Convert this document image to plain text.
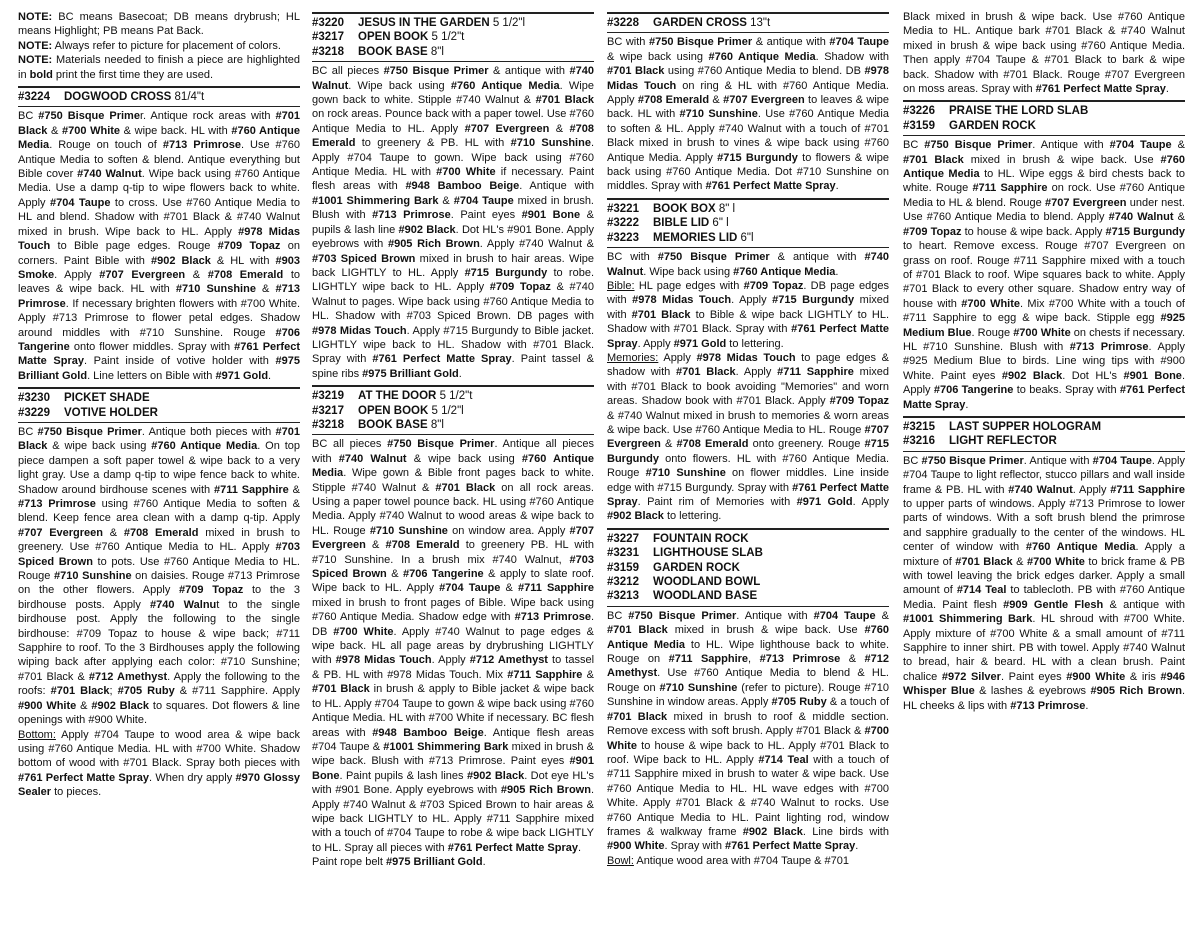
NOTE: BC means Basecoat; DB means drybrush; HL means Highlight; PB means Pat Back.

NOTE: Always refer to picture for placement of colors.

NOTE: Materials needed to finish a piece are highlighted in bold print the first time they are used.

#3224 DOGWOOD CROSS 81/4"t

BC #750 Bisque Primer. Antique rock areas with #701 Black & #700 White & wipe back. HL with #760 Antique Media. Rouge on touch of #713 Primrose. Use #760 Antique Media to soften & blend. Antique everything but Bible cover #740 Walnut. Wipe back using #760 Antique Media. Use a damp q-tip to wipe flowers back to white. Apply #704 Taupe to cross. Use #760 Antique Media to HL and blend. Shadow with #701 Black & #740 Walnut mixed in brush. Wipe back to HL. Apply #978 Midas Touch to Bible page edges. Rouge #709 Topaz on corners. Paint Bible with #902 Black & HL with #903 Smoke. Apply #707 Evergreen & #708 Emerald to leaves & wipe back. HL with #710 Sunshine & #713 Primrose. If necessary brighten flowers with #700 White. Apply #713 Primrose to flower petal edges. Shadow around middles with #710 Sunshine. Rouge #706 Tangerine onto flower middles. Spray with #761 Perfect Matte Spray. Paint inside of votive holder with #975 Brilliant Gold. Line letters on Bible with #971 Gold.

#3230 PICKET SHADE
#3229 VOTIVE HOLDER

BC #750 Bisque Primer. Antique both pieces with #701 Black & wipe back using #760 Antique Media. On top piece dampen a soft paper towel & wipe back to a very light gray. Use a damp q-tip to wipe fence back to white. Shadow around birdhouse scenes with #711 Sapphire & #713 Primrose using #760 Antique Media to soften & blend. Keep fence area clean with a damp q-tip. Apply #707 Evergreen & #708 Emerald mixed in brush to greenery. Use #760 Antique Media to HL. Apply #703 Spiced Brown to pots. Use #760 Antique Media to HL. Rouge #710 Sunshine on daisies. Rouge #713 Primrose on the other flowers. Apply #709 Topaz to the 3 birdhouse posts. Apply #740 Walnut to the single birdhouse post. Apply the following to the single birdhouse: #709 Topaz to house & wipe back; #711 Sapphire to roof. To the 3 Birdhouses apply the following wiping back after applying each color: #710 Sunshine; #701 Black & #712 Amethyst. Apply the following to the roofs: #701 Black; #705 Ruby & #711 Sapphire. Apply #900 White & #902 Black to squares. Dot flowers & line openings with #900 White.

Bottom: Apply #704 Taupe to wood area & wipe back using #760 Antique Media. HL with #700 White. Shadow bottom of wood with #701 Black. Spray both pieces with #761 Perfect Matte Spray. When dry apply #970 Glossy Sealer to pieces.

#3220 JESUS IN THE GARDEN 5 1/2"l
#3217 OPEN BOOK 5 1/2"t
#3218 BOOK BASE 8"l

BC all pieces #750 Bisque Primer & antique with #740 Walnut. Wipe back using #760 Antique Media. Wipe gown back to white. Stipple #740 Walnut & #701 Black on rock areas. Pounce back with a paper towel. Use #760 Antique Media to HL. Apply #707 Evergreen & #708 Emerald to greenery & PB. HL with #710 Sunshine. Apply #704 Taupe to gown. Wipe back using #760 Antique Media. HL with #700 White if necessary. Paint flesh areas with #948 Bamboo Beige. Antique with #1001 Shimmering Bark & #704 Taupe mixed in brush. Blush with #713 Primrose. Paint eyes #901 Bone & pupils & lash line #902 Black. Dot HL's #901 Bone. Apply eyebrows with #905 Rich Brown. Apply #740 Walnut & #703 Spiced Brown mixed in brush to hair areas. Wipe back LIGHTLY to HL. Apply #715 Burgundy to robe. LIGHTLY wipe back to HL. Apply #709 Topaz & #740 Walnut to pages. Wipe back using #760 Antique Media to HL. Shadow with #703 Spiced Brown. DB pages with #978 Midas Touch. Apply #715 Burgundy to Bible jacket. LIGHTLY wipe back to HL. Shadow with #701 Black. Spray with #761 Perfect Matte Spray. Paint tassel & spine ribs #975 Brilliant Gold.

#3219 AT THE DOOR 5 1/2"t
#3217 OPEN BOOK 5 1/2"l
#3218 BOOK BASE 8"l

BC all pieces #750 Bisque Primer. Antique all pieces with #740 Walnut & wipe back using #760 Antique Media. Wipe gown & Bible front pages back to white. Stipple #740 Walnut & #701 Black on all rock areas. Using a paper towel pounce back. HL using #760 Antique Media. Apply #740 Walnut to wood areas & wipe back to HL. Rouge #710 Sunshine on window area. Apply #707 Evergreen & #708 Emerald to greenery PB. HL with #710 Sunshine. In a brush mix #740 Walnut, #703 Spiced Brown & #706 Tangerine & apply to slate roof. Wipe back to HL. Apply #704 Taupe & #711 Sapphire mixed in brush to front pages of Bible. Wipe back using #760 Antique Media. Shadow edge with #713 Primrose. DB #700 White. Apply #740 Walnut to page edges & wipe back. HL all page areas by drybrushing LIGHTLY with #978 Midas Touch. Apply #712 Amethyst to tassel & PB. HL with #978 Midas Touch. Mix #711 Sapphire & #701 Black in brush & apply to Bible jacket & wipe back to HL. Apply #704 Taupe to gown & wipe back using #760 Antique Media. HL with #700 White if necessary. BC flesh areas with #948 Bamboo Beige. Antique flesh areas #704 Taupe & #1001 Shimmering Bark mixed in brush & wipe back. Blush with #713 Primrose. Paint eyes #901 Bone. Paint pupils & lash lines #902 Black. Dot eye HL's with #901 Bone. Apply eyebrows with #905 Rich Brown. Apply #740 Walnut & #703 Spiced Brown to hair areas & wipe back LIGHTLY to HL. Apply #711 Sapphire mixed with a touch of #704 Taupe to robe & wipe back LIGHTLY to HL. Spray all pieces with #761 Perfect Matte Spray.

Paint rope belt #975 Brilliant Gold.

#3228 GARDEN CROSS 13"t

BC with #750 Bisque Primer & antique with #704 Taupe & wipe back using #760 Antique Media. Shadow with #701 Black using #760 Antique Media to blend. DB #978 Midas Touch on ring & HL with #760 Antique Media. Apply #708 Emerald & #707 Evergreen to leaves & wipe back. HL with #710 Sunshine. Use #760 Antique Media to soften & HL. Apply #740 Walnut with a touch of #701 Black mixed in brush to vines & wipe back using #760 Antique Media. Apply #715 Burgundy to flowers & wipe back using #760 Antique Media. Dot #710 Sunshine on middles. Spray with #761 Perfect Matte Spray.

#3221 BOOK BOX 8" l
#3222 BIBLE LID 6" l
#3223 MEMORIES LID 6"l

BC with #750 Bisque Primer & antique with #740 Walnut. Wipe back using #760 Antique Media.

Bible: HL page edges with #709 Topaz. DB page edges with #978 Midas Touch. Apply #715 Burgundy mixed with #701 Black to Bible & wipe back LIGHTLY to HL. Shadow with #701 Black. Spray with #761 Perfect Matte Spray. Apply #971 Gold to lettering.

Memories: Apply #978 Midas Touch to page edges & shadow with #701 Black. Apply #711 Sapphire mixed with #701 Black to book avoiding "Memories" and worn areas. Shadow book with #701 Black. Apply #709 Topaz & #740 Walnut mixed in brush to memories & worn areas & wipe back. Use #760 Antique Media to HL. Rouge #707 Evergreen & #708 Emerald onto greenery. Rouge #715 Burgundy onto flowers. HL with #760 Antique Media. Rouge #710 Sunshine on flower middles. Line inside edge with #715 Burgundy. Spray with #761 Perfect Matte Spray. Paint rim of Memories with #971 Gold. Apply #902 Black to lettering.

#3227 FOUNTAIN ROCK
#3231 LIGHTHOUSE SLAB
#3159 GARDEN ROCK
#3212 WOODLAND BOWL
#3213 WOODLAND BASE

BC #750 Bisque Primer. Antique with #704 Taupe & #701 Black mixed in brush & wipe back. Use #760 Antique Media to HL. Wipe lighthouse back to white. Rouge on #711 Sapphire, #713 Primrose & #712 Amethyst. Use #760 Antique Media to blend & HL. Rouge on #710 Sunshine (refer to picture). Rouge #710 Sunshine in window areas. Apply #705 Ruby & a touch of #701 Black mixed in brush to roof & middle section. Remove excess with soft brush. Apply #701 Black & #700 White to house & wipe back to HL. Apply #701 Black to roof. Wipe back to HL. Apply #714 Teal with a touch of #711 Sapphire mixed in brush to water & wipe back. Use #760 Antique Media to HL. HL wave edges with #700 White. Apply #701 Black & #740 Walnut to rocks. Use #760 Antique Media to HL. Paint lighting rod, window frames & walkway frame #902 Black. Line birds with #900 White. Spray with #761 Perfect Matte Spray.

Bowl: Antique wood area with #704 Taupe & #701

Black mixed in brush & wipe back. Use #760 Antique Media to HL. Antique bark #701 Black & #740 Walnut mixed in brush & wipe back using #760 Antique Media. Then apply #704 Taupe & #701 Black to bark & wipe back. Shadow with #701 Black. Rouge #707 Evergreen on moss areas. Spray with #761 Perfect Matte Spray.

#3226 PRAISE THE LORD SLAB
#3159 GARDEN ROCK

BC #750 Bisque Primer. Antique with #704 Taupe & #701 Black mixed in brush & wipe back. Use #760 Antique Media to HL. Wipe eggs & bird chests back to white. Rouge #711 Sapphire on rock. Use #760 Antique Media to HL & blend. Rouge #707 Evergreen under nest. Use #760 Antique Media to blend. Apply #740 Walnut & #709 Topaz to house & wipe back. Apply #715 Burgundy to heart. Remove excess. Rouge #707 Evergreen on grass on roof. Rouge #711 Sapphire mixed with a touch of #701 Black to roof. Wipe squares back to white. Apply #701 Black to every other square. Shadow entry way of house with #700 White. Mix #700 White with a touch of #711 Sapphire to egg & wipe back. Stipple egg #925 Medium Blue. Rouge #700 White on chests if necessary. HL #710 Sunshine. Blush with #713 Primrose. Apply #925 Medium Blue to birds. Line wing tips with #900 White. Paint eyes #902 Black. Dot HL's #901 Bone. Apply #706 Tangerine to beaks. Spray with #761 Perfect Matte Spray.

#3215 LAST SUPPER HOLOGRAM
#3216 LIGHT REFLECTOR

BC #750 Bisque Primer. Antique with #704 Taupe. Apply #704 Taupe to light reflector, stucco pillars and wall inside frame & PB. HL with #740 Walnut. Apply #711 Sapphire to upper parts of windows. Apply #713 Primrose to lower parts of windows. With a soft brush blend the primrose and sapphire gradually to the center of the windows. HL center of window with #760 Antique Media. Apply a mixture of #701 Black & #700 White to brick frame & PB with towel leaving the brick edges darker. Apply a small amount of #714 Teal to tablecloth. PB with #760 Antique Media. Paint flesh #909 Gentle Flesh & antique with #1001 Shimmering Bark. HL shroud with #700 White. Apply mixture of #700 White & a small amount of #711 Sapphire to inner shirt. PB with towel. Apply #740 Walnut to bread, hair & beard. HL with a clean brush. Paint chalice #972 Silver. Paint eyes #900 White & iris #946 Whisper Blue & lashes & eyebrows #905 Rich Brown. HL cheeks & lips with #713 Primrose.
